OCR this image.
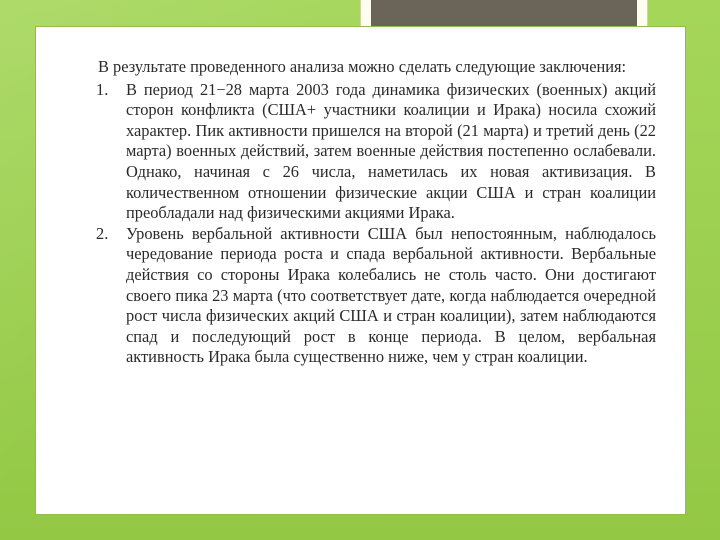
В результате проведенного анализа можно сделать следующие заключения:

1.	В период 21−28 марта 2003 года динамика физических (военных) акций сторон конфликта (США+ участники коалиции и Ирака) носила схожий характер. Пик активности пришелся на второй (21 марта) и третий день (22 марта) военных действий, затем военные действия постепенно ослабевали. Однако, начиная с 26 числа, наметилась их новая активизация. В количественном отношении физические акции США и стран коалиции преобладали над физическими акциями Ирака.
2.	Уровень вербальной активности США был непостоянным, наблюдалось чередование периода роста и спада вербальной активности. Вербальные действия со стороны Ирака колебались не столь часто. Они достигают своего пика 23 марта (что соответствует дате, когда наблюдается очередной рост числа физических акций США и стран коалиции), затем наблюдаются спад и последующий рост в конце периода. В целом, вербальная активность Ирака была существенно ниже, чем у стран коалиции.
